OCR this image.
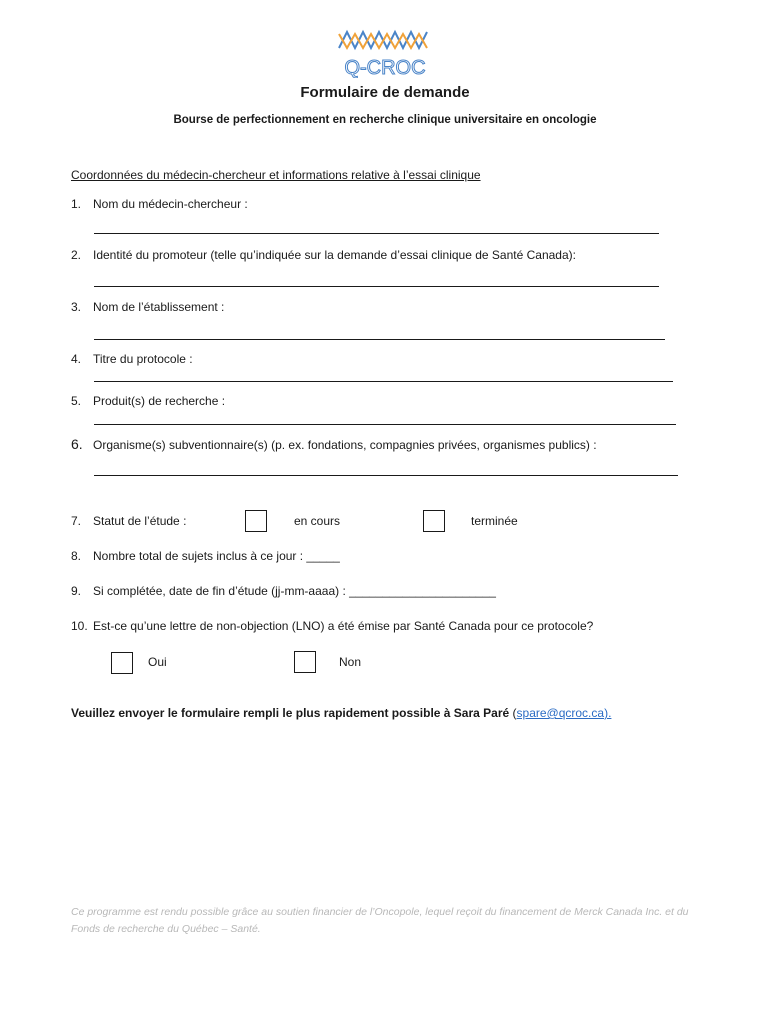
Q-CROC
Formulaire de demande
Bourse de perfectionnement en recherche clinique universitaire en oncologie
Coordonnées du médecin-chercheur et informations relative à l’essai clinique
1. Nom du médecin-chercheur :
2. Identité du promoteur (telle qu’indiquée sur la demande d’essai clinique de Santé Canada):
3. Nom de l’établissement :
4. Titre du protocole :
5. Produit(s) de recherche :
6. Organisme(s) subventionnaire(s) (p. ex. fondations, compagnies privées, organismes publics) :
7. Statut de l’étude :	en cours	terminée
8. Nombre total de sujets inclus à ce jour : _____
9. Si complétée, date de fin d’étude (jj-mm-aaaa) : ______________________
10. Est-ce qu’une lettre de non-objection (LNO) a été émise par Santé Canada pour ce protocole?
Oui	Non
Veuillez envoyer le formulaire rempli le plus rapidement possible à Sara Paré (spare@qcroc.ca).
Ce programme est rendu possible grâce au soutien financier de l’Oncopole, lequel reçoit du financement de Merck Canada Inc. et du Fonds de recherche du Québec – Santé.
